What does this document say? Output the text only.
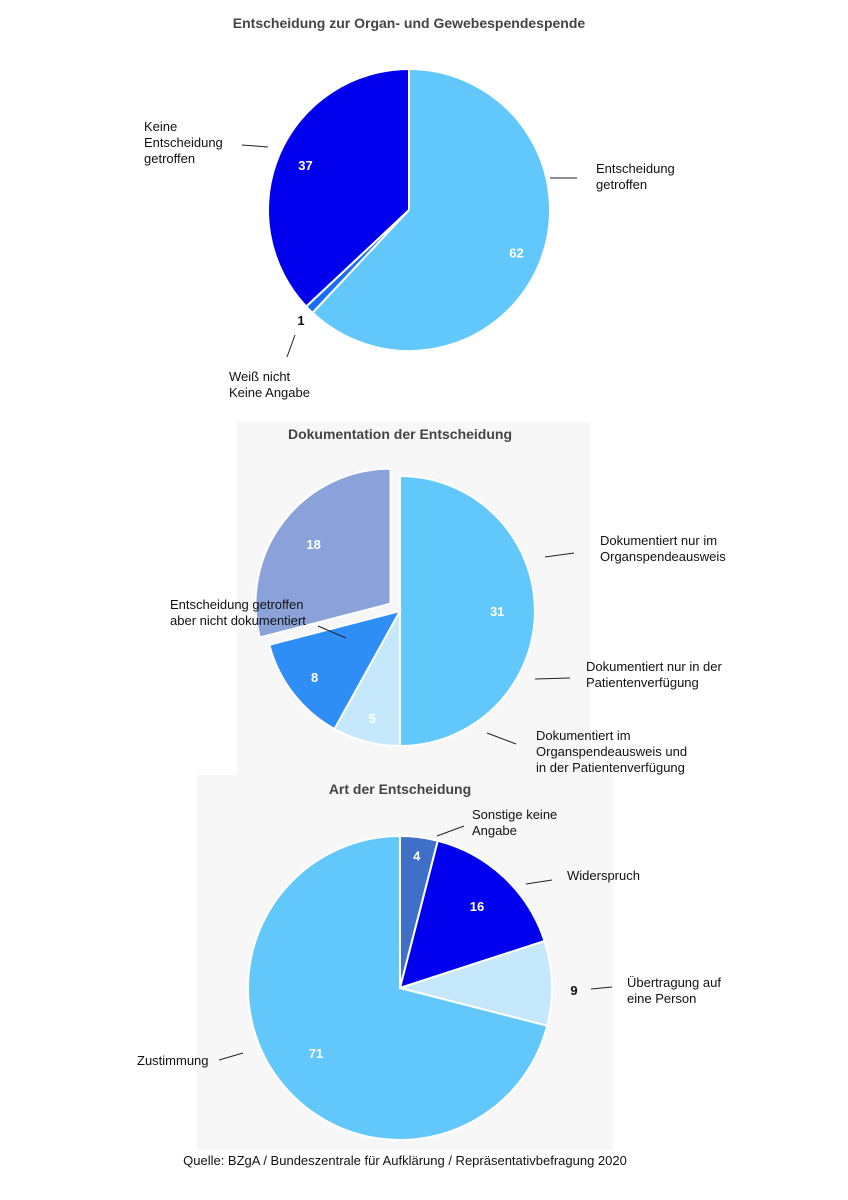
Entscheidung zur Organ- und Gewebespendespende
62
Entscheidung getroffen
1
Weiß nicht Keine Angabe
37
Keine Entscheidung getroffen
Dokumentation der Entscheidung
31
Dokumentiert nur im Organspendeausweis
5
Dokumentiert nur in der Patientenverfügung
8
Dokumentiert im Organspendeausweis und in der Patientenverfügung
18
Entscheidung getroffen aber nicht dokumentiert
Art der Entscheidung
4
Sonstige keine Angabe
16
Widerspruch
9
Übertragung auf eine Person
71
Zustimmung
Quelle: BZgA / Bundeszentrale für Aufklärung / Repräsentativbefragung 2020
